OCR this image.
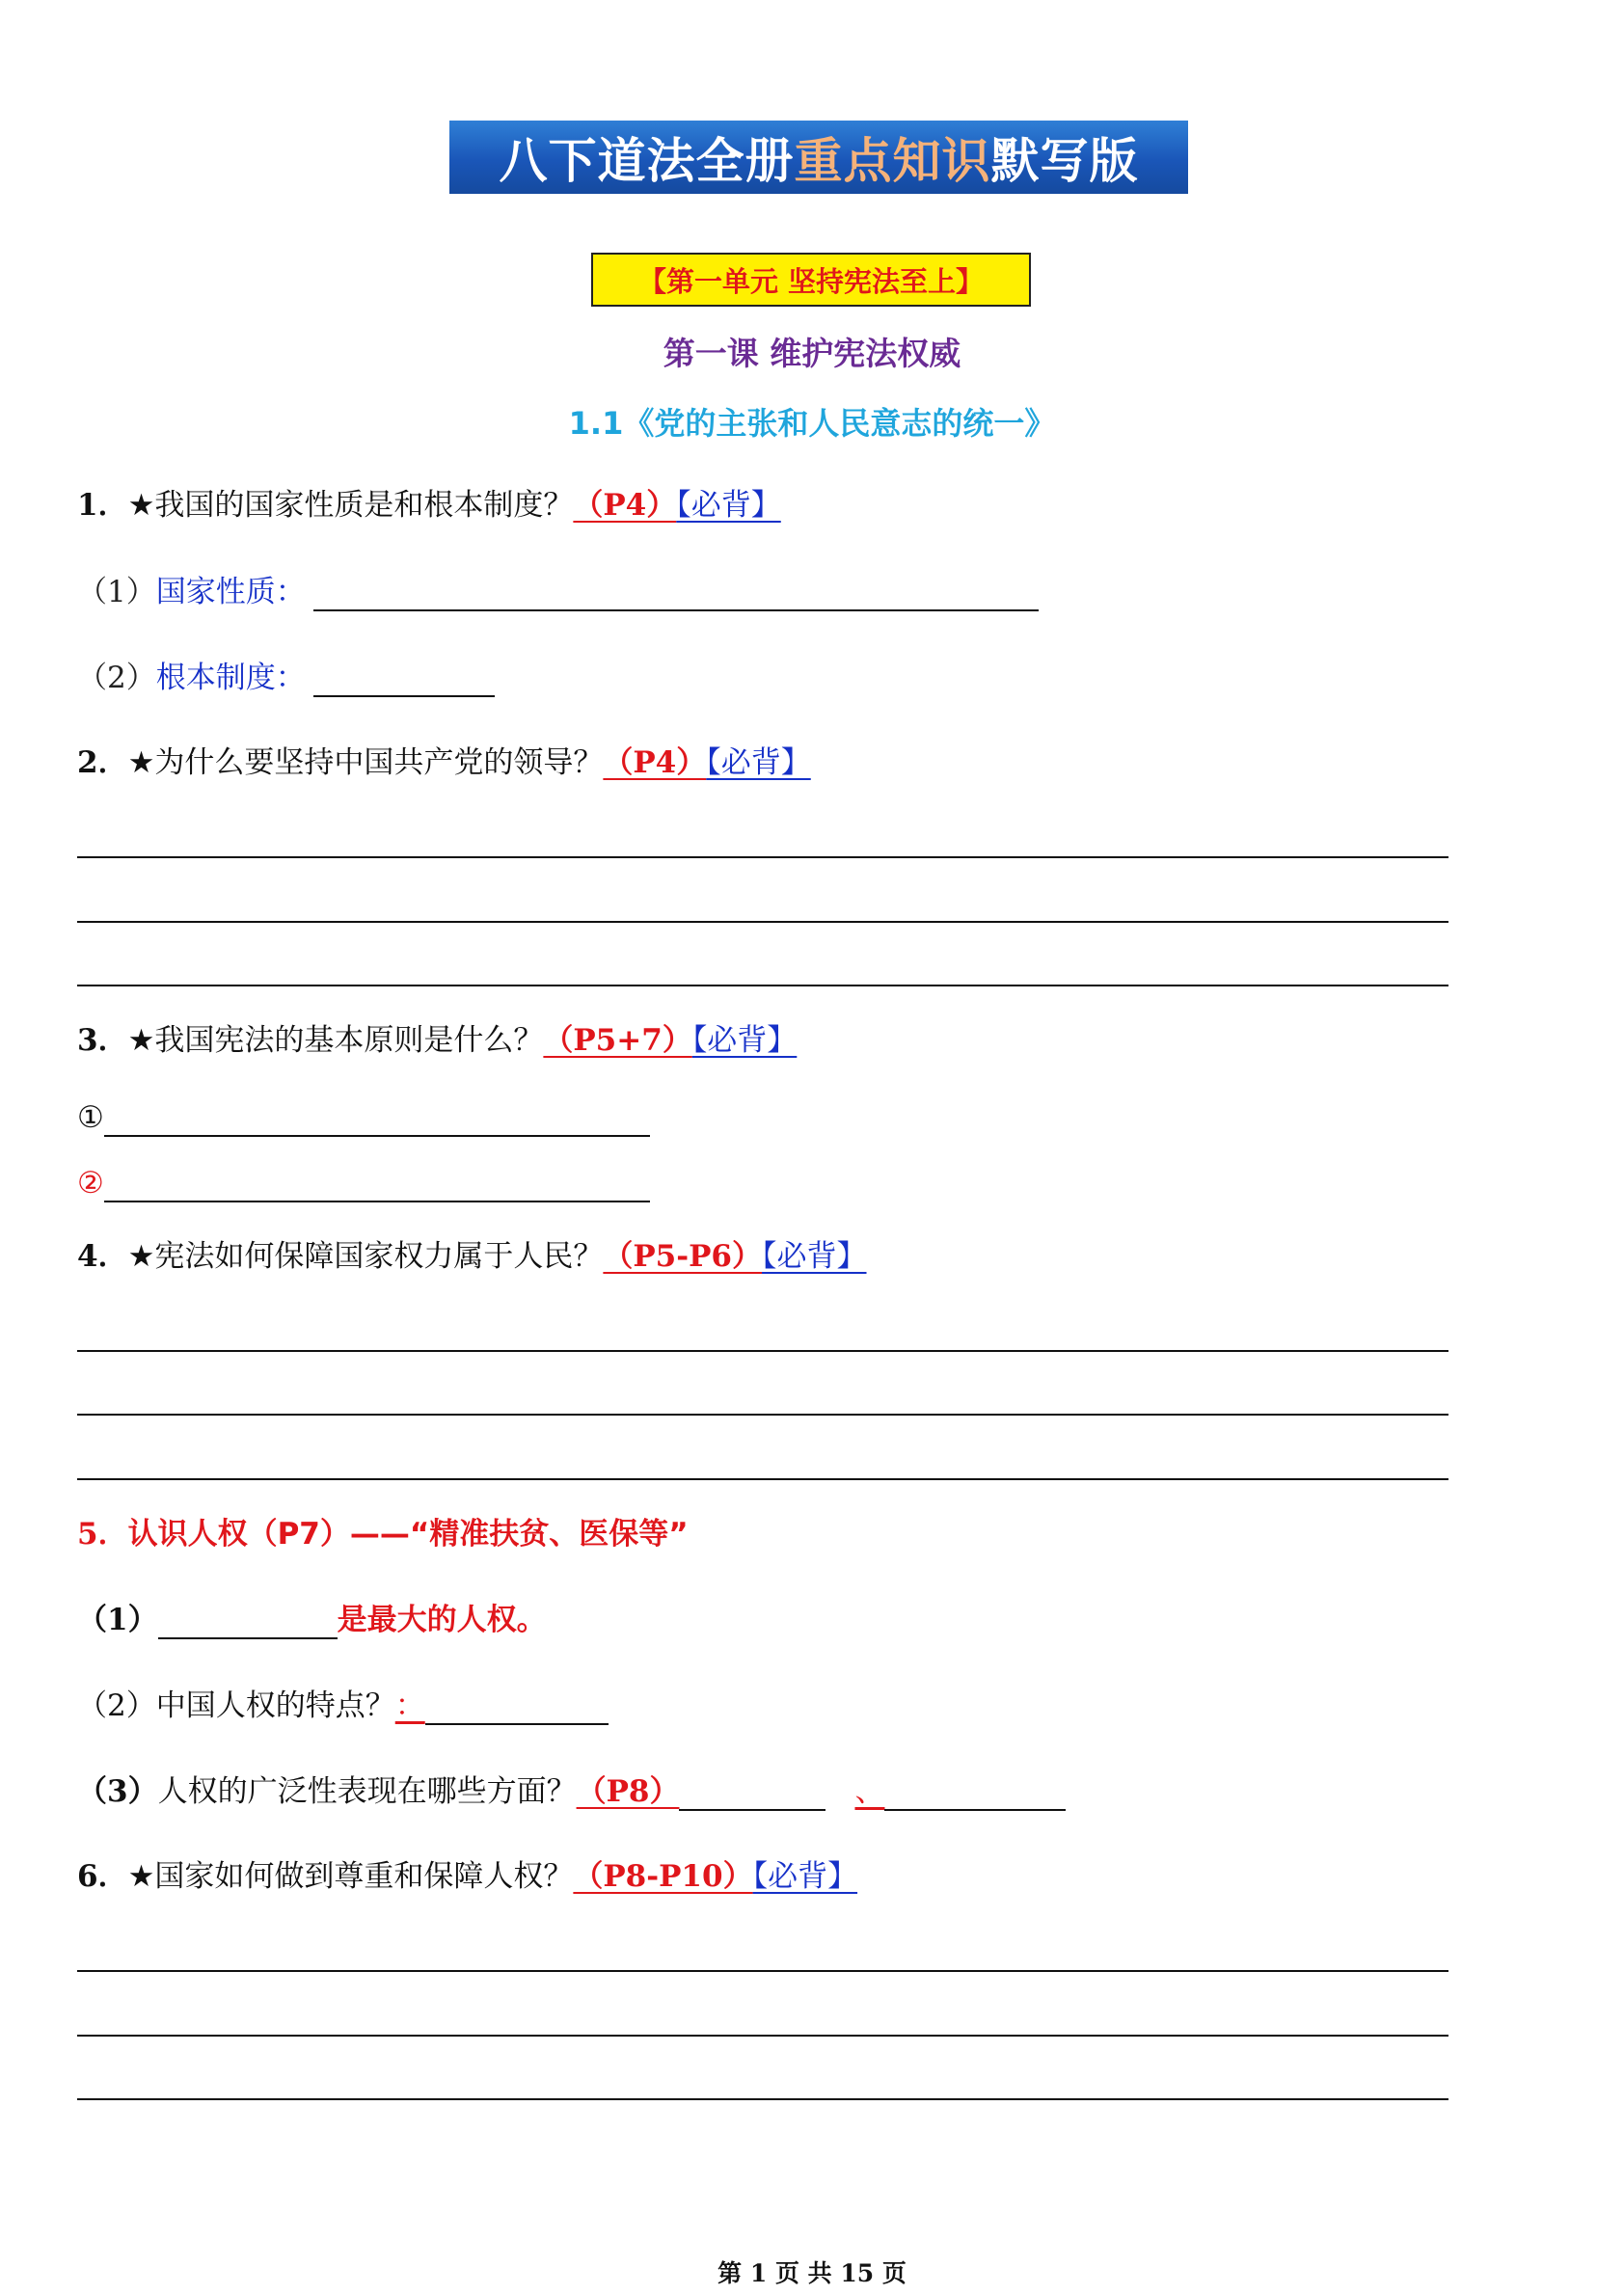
八下道法全册 重点知识 默写版
【第一单元 坚持宪法至上】
第一课 维护宪法权威
1.1《党的主张和人民意志的统一》
1．★我国的国家性质是和根本制度？（P4）【必背】
（1）国家性质：
（2）根本制度：
2．★为什么要坚持中国共产党的领导？（P4）【必背】
3．★我国宪法的基本原则是什么？（P5+7）【必背】
①
②
4．★宪法如何保障国家权力属于人民？（P5-P6）【必背】
5．认识人权（P7）——“精准扶贫、医保等”
（1）	是最大的人权。
（2）中国人权的特点？：
（3）人权的广泛性表现在哪些方面？（P8）	、
6．★国家如何做到尊重和保障人权？（P8-P10）【必背】
第 1 页 共 15 页
